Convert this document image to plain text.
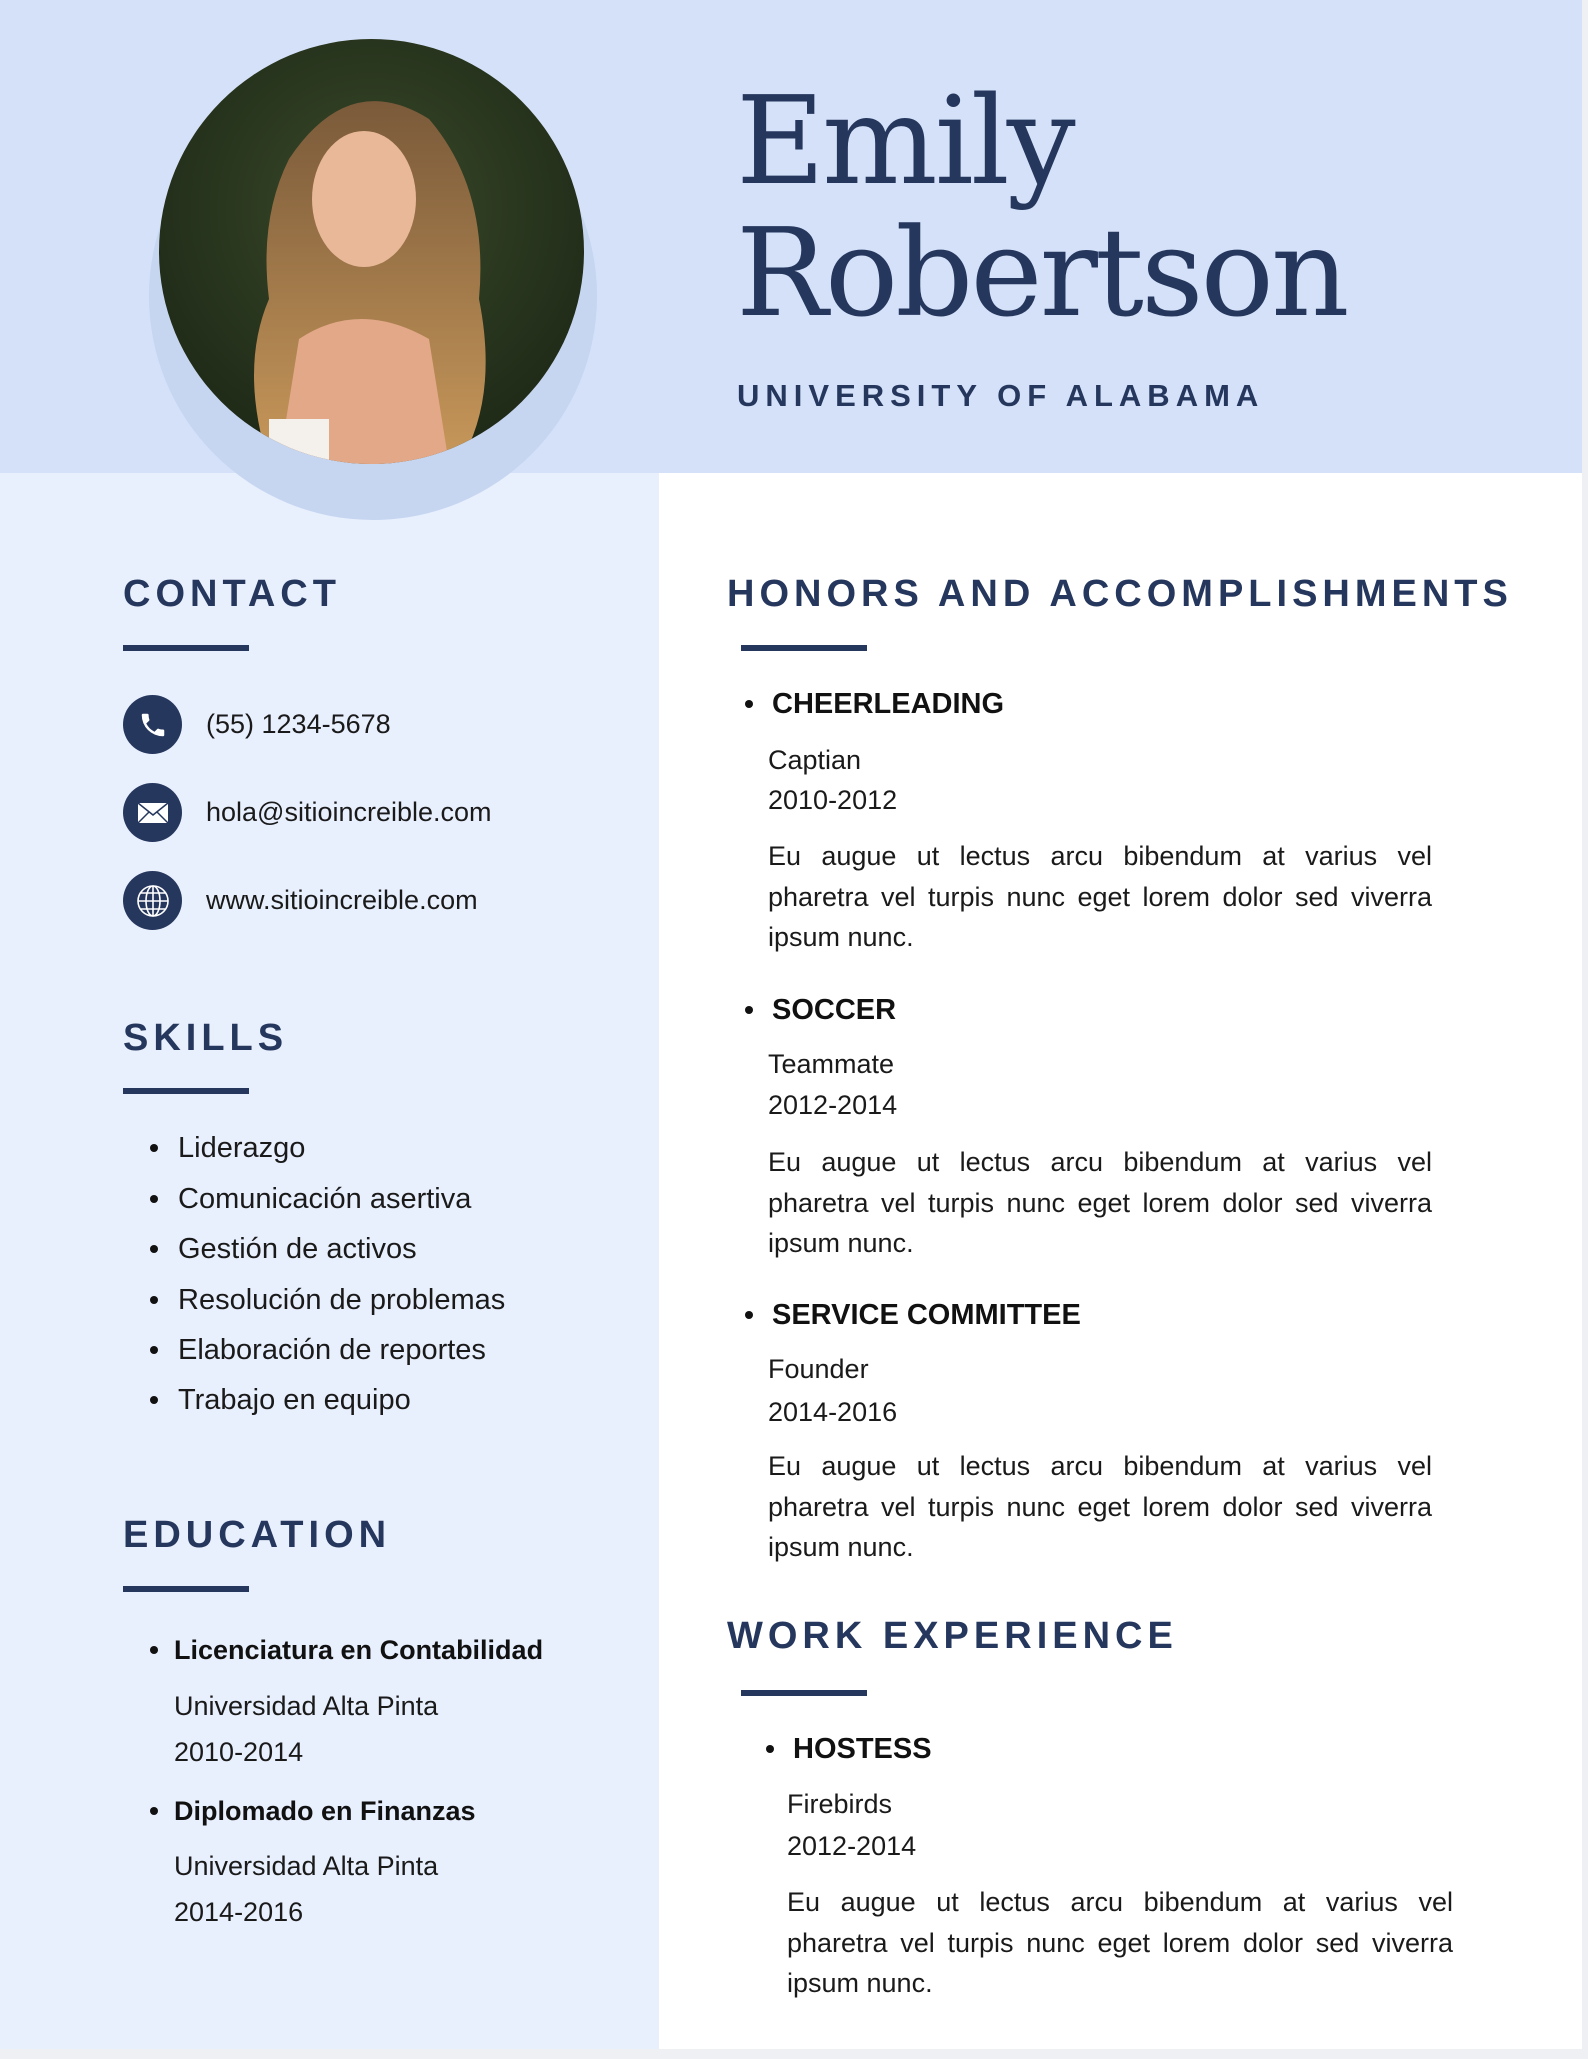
Emily
Robertson
UNIVERSITY OF ALABAMA
CONTACT
(55) 1234-5678
hola@sitioincreible.com
www.sitioincreible.com
SKILLS
Liderazgo
Comunicación asertiva
Gestión de activos
Resolución de problemas
Elaboración de reportes
Trabajo en equipo
EDUCATION
Licenciatura en Contabilidad
Universidad Alta Pinta
2010-2014
Diplomado en Finanzas
Universidad Alta Pinta
2014-2016
HONORS AND ACCOMPLISHMENTS
CHEERLEADING
Captian
2010-2012
Eu augue ut lectus arcu bibendum at varius vel pharetra vel turpis nunc eget lorem dolor sed viverra ipsum nunc.
SOCCER
Teammate
2012-2014
Eu augue ut lectus arcu bibendum at varius vel pharetra vel turpis nunc eget lorem dolor sed viverra ipsum nunc.
SERVICE COMMITTEE
Founder
2014-2016
Eu augue ut lectus arcu bibendum at varius vel pharetra vel turpis nunc eget lorem dolor sed viverra ipsum nunc.
WORK EXPERIENCE
HOSTESS
Firebirds
2012-2014
Eu augue ut lectus arcu bibendum at varius vel pharetra vel turpis nunc eget lorem dolor sed viverra ipsum nunc.
